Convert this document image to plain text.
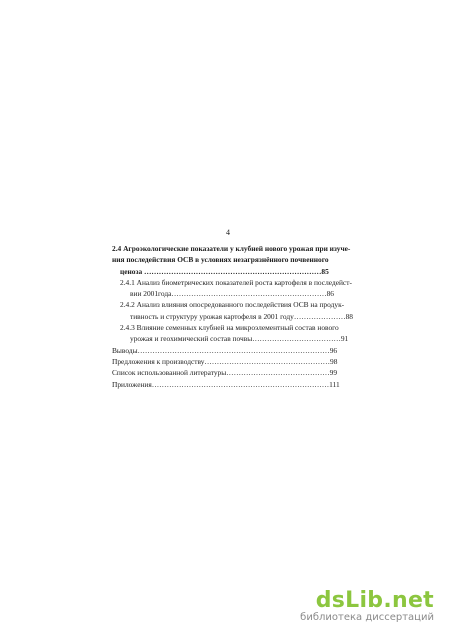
4
2.4 Агроэкологические показатели у клубней нового урожая при изуче-
ния последействия ОСВ в условиях незагрязнённого почвенного
ценоза ………………………………………………………………85
2.4.1 Анализ биометрических показателей роста картофеля в последейст-
вии 2001года………………………………………………………86
2.4.2 Анализ влияния опосредованного последействия ОСВ на продук-
тивность и структуру урожая картофеля в 2001 году…………………88
2.4.3 Влияние семенных клубней на микроэлементный состав нового
урожая и геохимический состав почвы………………………………91
Выводы……………………………………………………………………96
Предложения к производству……………………………………………98
Список использованной литературы……………………………………99
Приложения………………………………………………………………111
dsLib.net
библиотека диссертаций
